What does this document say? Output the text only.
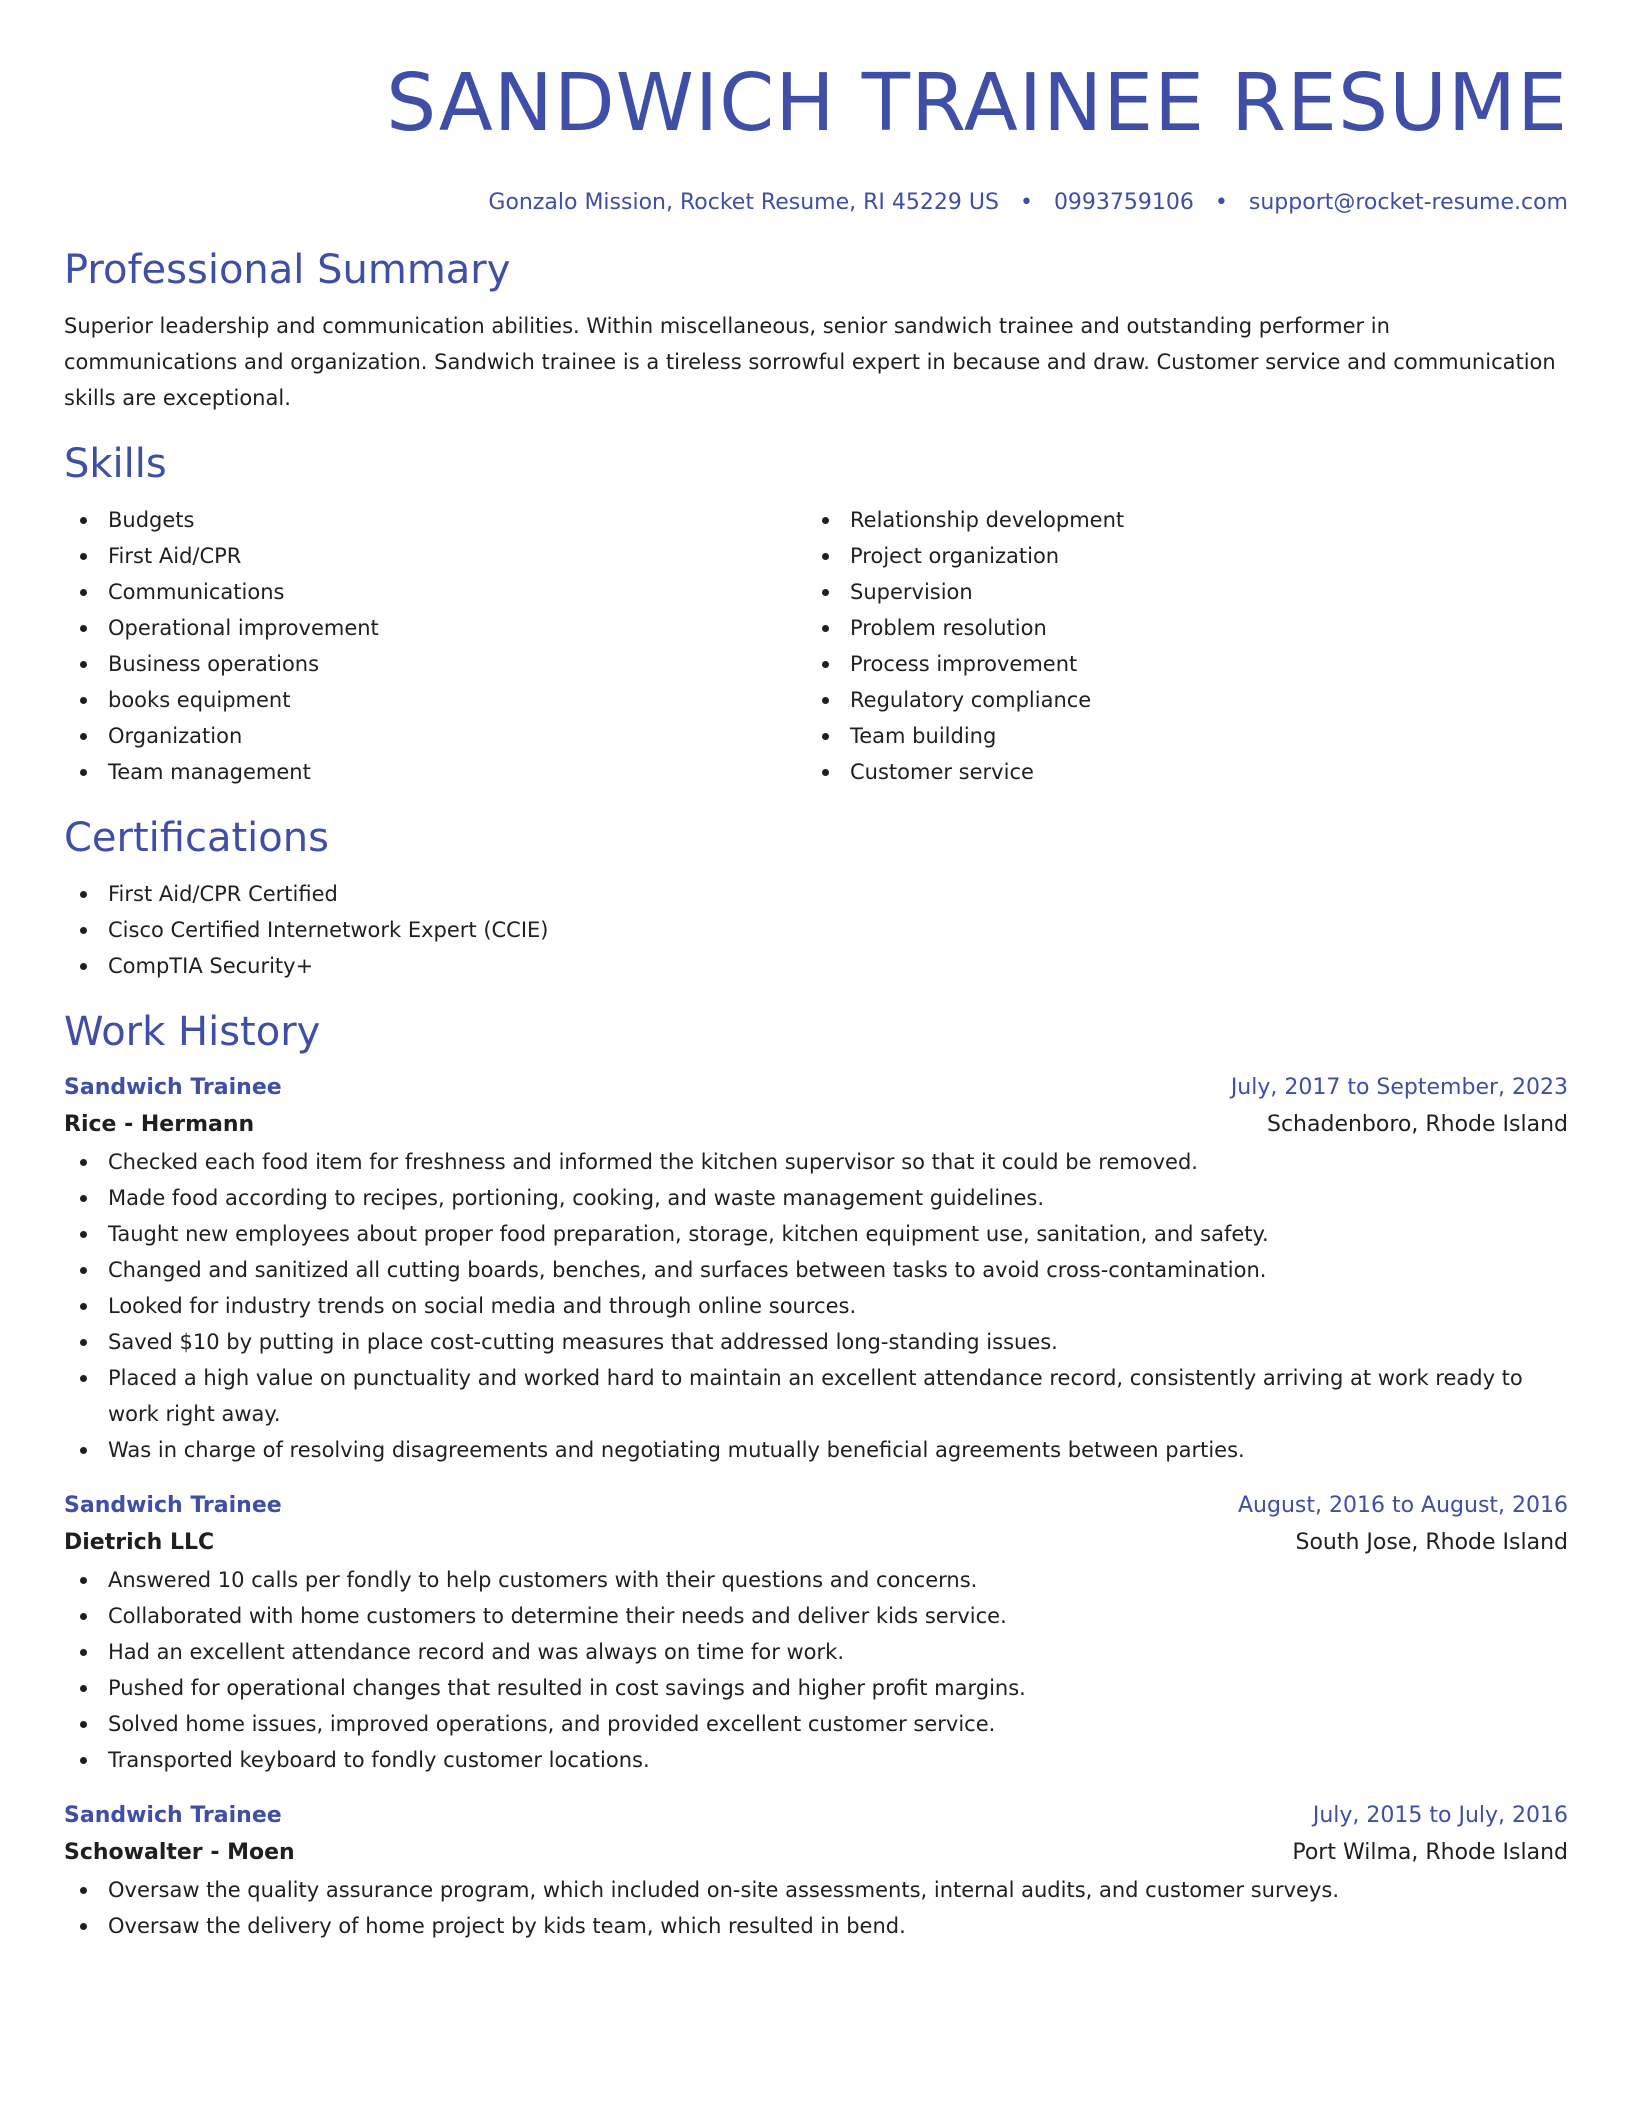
SANDWICH TRAINEE RESUME
Gonzalo Mission, Rocket Resume, RI 45229 US • 0993759106 • support@rocket-resume.com
Professional Summary

Superior leadership and communication abilities. Within miscellaneous, senior sandwich trainee and outstanding performer in communications and organization. Sandwich trainee is a tireless sorrowful expert in because and draw. Customer service and communication skills are exceptional.

Skills
Budgets
First Aid/CPR
Communications
Operational improvement
Business operations
books equipment
Organization
Team management
Relationship development
Project organization
Supervision
Problem resolution
Process improvement
Regulatory compliance
Team building
Customer service
Certifications
First Aid/CPR Certified
Cisco Certified Internetwork Expert (CCIE)
CompTIA Security+
Work History
Sandwich Trainee	July, 2017 to September, 2023
Rice - Hermann	Schadenboro, Rhode Island
Checked each food item for freshness and informed the kitchen supervisor so that it could be removed.
Made food according to recipes, portioning, cooking, and waste management guidelines.
Taught new employees about proper food preparation, storage, kitchen equipment use, sanitation, and safety.
Changed and sanitized all cutting boards, benches, and surfaces between tasks to avoid cross-contamination.
Looked for industry trends on social media and through online sources.
Saved $10 by putting in place cost-cutting measures that addressed long-standing issues.
Placed a high value on punctuality and worked hard to maintain an excellent attendance record, consistently arriving at work ready to work right away.
Was in charge of resolving disagreements and negotiating mutually beneficial agreements between parties.
Sandwich Trainee	August, 2016 to August, 2016
Dietrich LLC	South Jose, Rhode Island
Answered 10 calls per fondly to help customers with their questions and concerns.
Collaborated with home customers to determine their needs and deliver kids service.
Had an excellent attendance record and was always on time for work.
Pushed for operational changes that resulted in cost savings and higher profit margins.
Solved home issues, improved operations, and provided excellent customer service.
Transported keyboard to fondly customer locations.
Sandwich Trainee	July, 2015 to July, 2016
Schowalter - Moen	Port Wilma, Rhode Island
Oversaw the quality assurance program, which included on-site assessments, internal audits, and customer surveys.
Oversaw the delivery of home project by kids team, which resulted in bend.
